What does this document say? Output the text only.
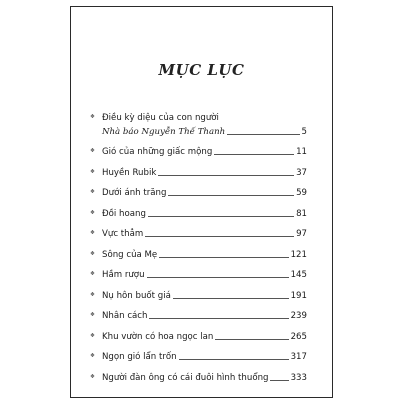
MỤC LỤC
❖ Điều kỳ diệu của con người
Nhà báo Nguyễn Thế Thanh	5
❖ Gió của những giấc mộng	11
❖ Huyền Rubik	37
❖ Dưới ánh trăng	59
❖ Đồi hoang	81
❖ Vực thẳm	97
❖ Sông của Mẹ	121
❖ Hầm rượu	145
❖ Nụ hôn buốt giá	191
❖ Nhân cách	239
❖ Khu vườn có hoa ngọc lan	265
❖ Ngọn gió lẩn trốn	317
❖ Người đàn ông có cái đuôi hình thuổng	333
